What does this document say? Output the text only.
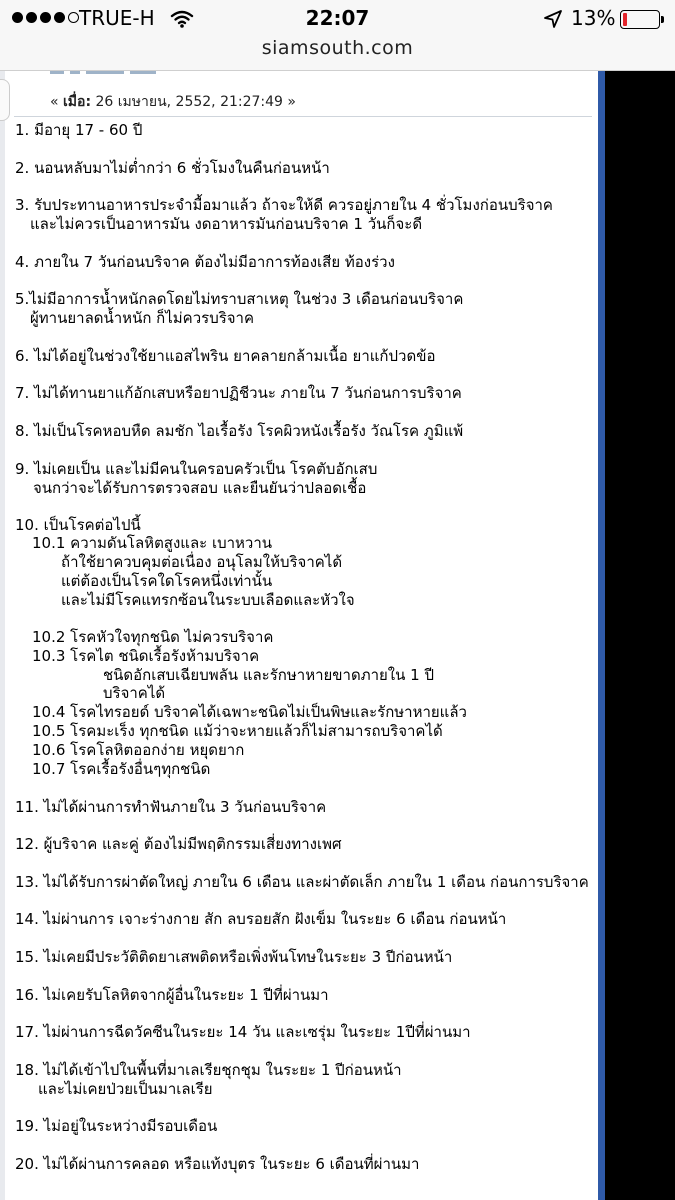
TRUE-H	22:07	13%
siamsouth.com
« เมื่อ: 26 เมษายน, 2552, 21:27:49 »
1. มีอายุ 17 - 60 ปี
2. นอนหลับมาไม่ต่ำกว่า 6 ชั่วโมงในคืนก่อนหน้า
3. รับประทานอาหารประจำมื้อมาแล้ว ถ้าจะให้ดี ควรอยู่ภายใน 4 ชั่วโมงก่อนบริจาค
และไม่ควรเป็นอาหารมัน งดอาหารมันก่อนบริจาค 1 วันก็จะดี
4. ภายใน 7 วันก่อนบริจาค ต้องไม่มีอาการท้องเสีย ท้องร่วง
5.ไม่มีอาการน้ำหนักลดโดยไม่ทราบสาเหตุ ในช่วง 3 เดือนก่อนบริจาค
ผู้ทานยาลดน้ำหนัก ก็ไม่ควรบริจาค
6. ไม่ได้อยู่ในช่วงใช้ยาแอสไพริน ยาคลายกล้ามเนื้อ ยาแก้ปวดข้อ
7. ไม่ได้ทานยาแก้อักเสบหรือยาปฏิชีวนะ ภายใน 7 วันก่อนการบริจาค
8. ไม่เป็นโรคหอบหืด ลมชัก ไอเรื้อรัง โรคผิวหนังเรื้อรัง วัณโรค ภูมิแพ้
9. ไม่เคยเป็น และไม่มีคนในครอบครัวเป็น โรคตับอักเสบ
จนกว่าจะได้รับการตรวจสอบ และยืนยันว่าปลอดเชื้อ
10. เป็นโรคต่อไปนี้
10.1 ความดันโลหิตสูงและ เบาหวาน
ถ้าใช้ยาควบคุมต่อเนื่อง อนุโลมให้บริจาคได้
แต่ต้องเป็นโรคใดโรคหนึ่งเท่านั้น
และไม่มีโรคแทรกซ้อนในระบบเลือดและหัวใจ
10.2 โรคหัวใจทุกชนิด ไม่ควรบริจาค
10.3 โรคไต ชนิดเรื้อรังห้ามบริจาค
ชนิดอักเสบเฉียบพลัน และรักษาหายขาดภายใน 1 ปี
บริจาคได้
10.4 โรคไทรอยด์ บริจาคได้เฉพาะชนิดไม่เป็นพิษและรักษาหายแล้ว
10.5 โรคมะเร็ง ทุกชนิด แม้ว่าจะหายแล้วก็ไม่สามารถบริจาคได้
10.6 โรคโลหิตออกง่าย หยุดยาก
10.7 โรคเรื้อรังอื่นๆทุกชนิด
11. ไม่ได้ผ่านการทำฟันภายใน 3 วันก่อนบริจาค
12. ผู้บริจาค และคู่ ต้องไม่มีพฤติกรรมเสี่ยงทางเพศ
13. ไม่ได้รับการผ่าตัดใหญ่ ภายใน 6 เดือน และผ่าตัดเล็ก ภายใน 1 เดือน ก่อนการบริจาค
14. ไม่ผ่านการ เจาะร่างกาย สัก ลบรอยสัก ฝังเข็ม ในระยะ 6 เดือน ก่อนหน้า
15. ไม่เคยมีประวัติติดยาเสพติดหรือเพิ่งพ้นโทษในระยะ 3 ปีก่อนหน้า
16. ไม่เคยรับโลหิตจากผู้อื่นในระยะ 1 ปีที่ผ่านมา
17. ไม่ผ่านการฉีดวัคซีนในระยะ 14 วัน และเซรุ่ม ในระยะ 1ปีที่ผ่านมา
18. ไม่ได้เข้าไปในพื้นที่มาเลเรียชุกชุม ในระยะ 1 ปีก่อนหน้า
และไม่เคยป่วยเป็นมาเลเรีย
19. ไม่อยู่ในระหว่างมีรอบเดือน
20. ไม่ได้ผ่านการคลอด หรือแท้งบุตร ในระยะ 6 เดือนที่ผ่านมา
